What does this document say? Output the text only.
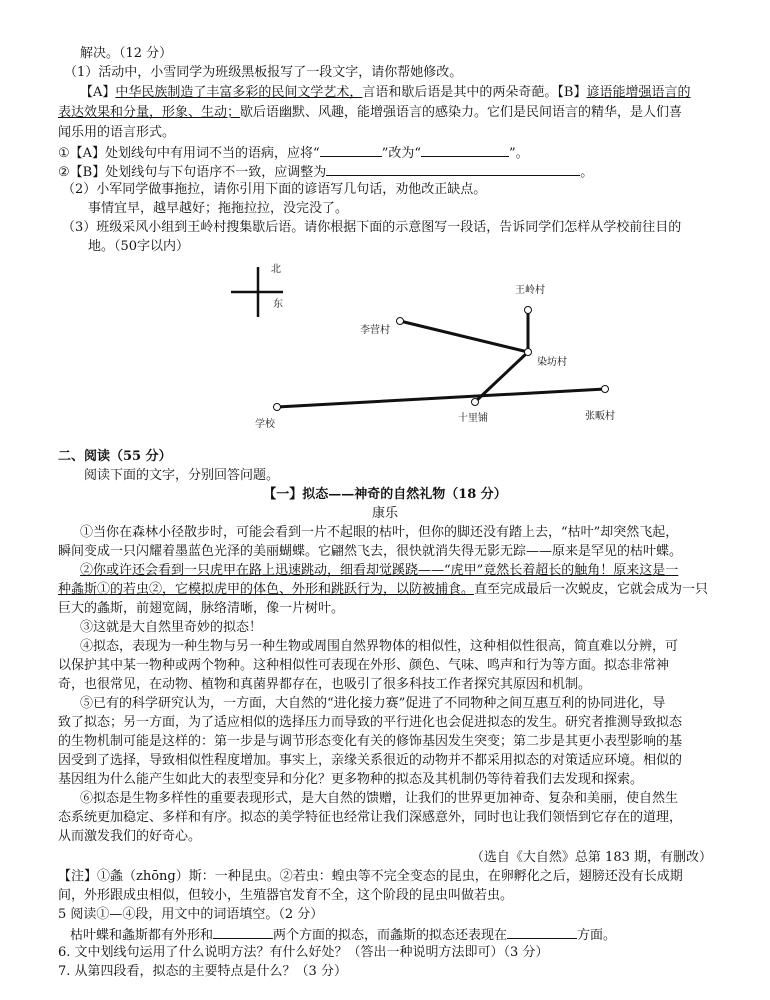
解决。（12 分）
（1）活动中，小雪同学为班级黑板报写了一段文字，请你帮她修改。
【A】中华民族制造了丰富多彩的民间文学艺术，言语和歇后语是其中的两朵奇葩。【B】谚语能增强语言的
表达效果和分量，形象、生动；歇后语幽默、风趣，能增强语言的感染力。它们是民间语言的精华，是人们喜
闻乐用的语言形式。
①【A】处划线句中有用词不当的语病，应将“	”改为“	”。
②【B】处划线句与下句语序不一致，应调整为	。
（2）小军同学做事拖拉，请你引用下面的谚语写几句话，劝他改正缺点。
事情宜早，越早越好；拖拖拉拉，没完没了。
（3）班级采风小组到王岭村搜集歇后语。请你根据下面的示意图写一段话，告诉同学们怎样从学校前往目的
地。（50字以内）
北
东
王岭村
李营村
染坊村
学校
十里铺	张畈村
二、阅读（55 分）
阅读下面的文字，分别回答问题。
【一】拟态——神奇的自然礼物（18 分）
康乐
①当你在森林小径散步时，可能会看到一片不起眼的枯叶，但你的脚还没有踏上去，“枯叶”却突然飞起，
瞬间变成一只闪耀着墨蓝色光泽的美丽蝴蝶。它翩然飞去，很快就消失得无影无踪——原来是罕见的枯叶蝶。
②你或许还会看到一只虎甲在路上迅速跳动，细看却觉蹊跷——“虎甲”竟然长着超长的触角！原来这是一
种螽斯①的若虫②，它模拟虎甲的体色、外形和跳跃行为，以防被捕食。直至完成最后一次蜕皮，它就会成为一只
巨大的螽斯，前翅宽阔，脉络清晰，像一片树叶。
③这就是大自然里奇妙的拟态！
④拟态，表现为一种生物与另一种生物或周围自然界物体的相似性，这种相似性很高，简直难以分辨，可
以保护其中某一物种或两个物种。这种相似性可表现在外形、颜色、气味、鸣声和行为等方面。拟态非常神
奇，也很常见，在动物、植物和真菌界都存在，也吸引了很多科技工作者探究其原因和机制。
⑤已有的科学研究认为，一方面，大自然的“进化接力赛”促进了不同物种之间互惠互利的协同进化，导
致了拟态；另一方面，为了适应相似的选择压力而导致的平行进化也会促进拟态的发生。研究者推测导致拟态
的生物机制可能是这样的：第一步是与调节形态变化有关的修饰基因发生突变；第二步是其更小表型影响的基
因受到了选择，导致相似性程度增加。事实上，亲缘关系很近的动物并不都采用拟态的对策适应环境。相似的
基因组为什么能产生如此大的表型变异和分化？更多物种的拟态及其机制仍等待着我们去发现和探索。
⑥拟态是生物多样性的重要表现形式，是大自然的馈赠，让我们的世界更加神奇、复杂和美丽，使自然生
态系统更加稳定、多样和有序。拟态的美学特征也经常让我们深感意外，同时也让我们领悟到它存在的道理，
从而激发我们的好奇心。
（选自《大自然》总第 183 期，有删改）
【注】①螽（zhōng）斯：一种昆虫。②若虫：蝗虫等不完全变态的昆虫，在卵孵化之后，翅膀还没有长成期
间，外形跟成虫相似，但较小，生殖器官发育不全，这个阶段的昆虫叫做若虫。
5 阅读①—④段，用文中的词语填空。（2 分）
枯叶蝶和螽斯都有外形和	两个方面的拟态，而螽斯的拟态还表现在	方面。
6. 文中划线句运用了什么说明方法？有什么好处？（答出一种说明方法即可）（3 分）
7. 从第四段看，拟态的主要特点是什么？（3 分）
